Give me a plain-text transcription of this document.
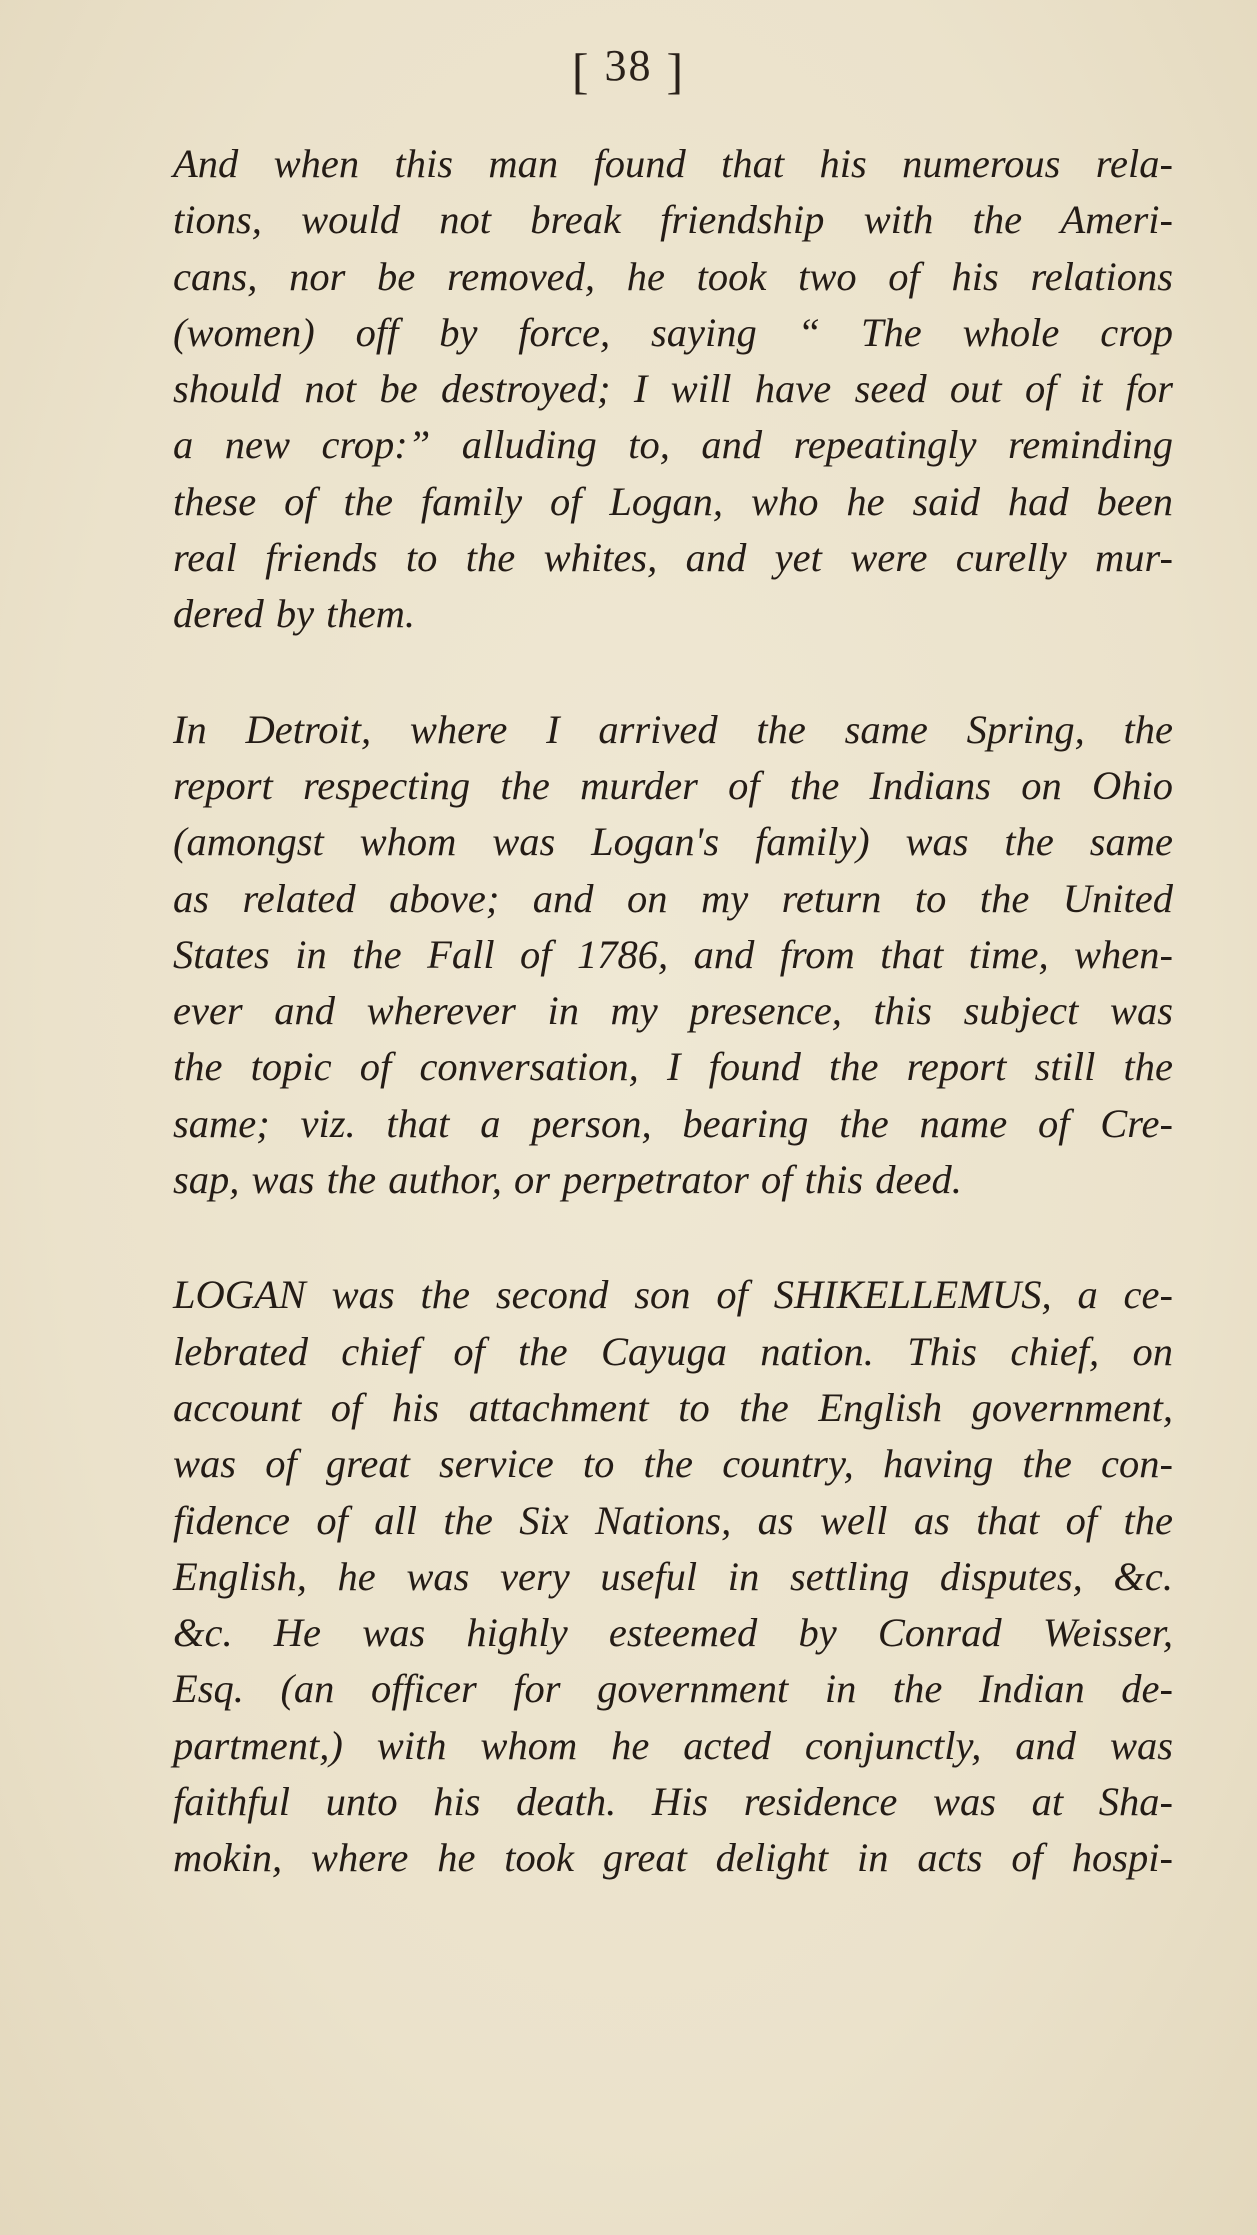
[ 38 ]
And when this man found that his numerous rela-
tions, would not break friendship with the Ameri-
cans, nor be removed, he took two of his relations
(women) off by force, saying “ The whole crop
should not be destroyed; I will have seed out of it for
a new crop:” alluding to, and repeatingly reminding
these of the family of Logan, who he said had been
real friends to the whites, and yet were curelly mur-
dered by them.
In Detroit, where I arrived the same Spring, the
report respecting the murder of the Indians on Ohio
(amongst whom was Logan's family) was the same
as related above; and on my return to the United
States in the Fall of 1786, and from that time, when-
ever and wherever in my presence, this subject was
the topic of conversation, I found the report still the
same; viz. that a person, bearing the name of Cre-
sap, was the author, or perpetrator of this deed.
LOGAN was the second son of SHIKELLEMUS, a ce-
lebrated chief of the Cayuga nation. This chief, on
account of his attachment to the English government,
was of great service to the country, having the con-
fidence of all the Six Nations, as well as that of the
English, he was very useful in settling disputes, &c.
&c. He was highly esteemed by Conrad Weisser,
Esq. (an officer for government in the Indian de-
partment,) with whom he acted conjunctly, and was
faithful unto his death. His residence was at Sha-
mokin, where he took great delight in acts of hospi-
